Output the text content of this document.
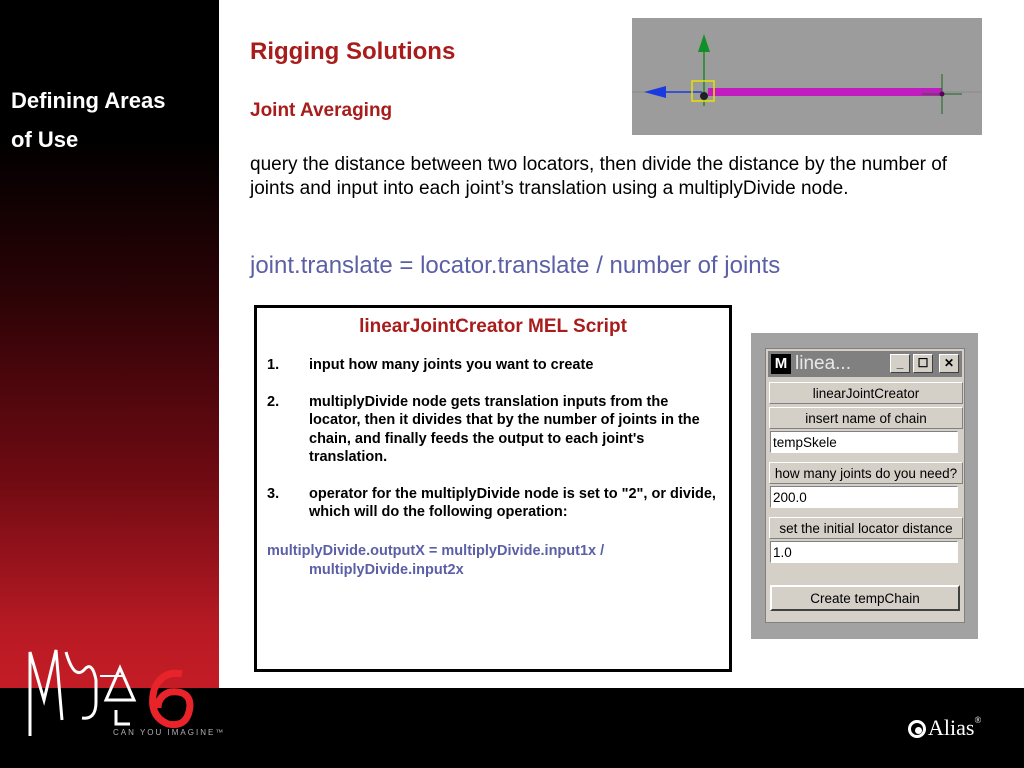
Defining Areas
of Use
CAN YOU IMAGINE™	Alias®
Rigging Solutions
Joint Averaging

query the distance between two locators, then divide the distance by the number of joints and input into each joint’s translation using a multiplyDivide node.

joint.translate = locator.translate / number of joints
linearJointCreator MEL Script
1. input how many joints you want to create
2. multiplyDivide node gets translation inputs from the locator, then it divides that by the number of joints in the chain, and finally feeds the output to each joint's translation.
3. operator for the multiplyDivide node is set to "2", or divide, which will do the following operation:
multiplyDivide.outputX = multiplyDivide.input1x /
multiplyDivide.input2x
M linea...	_	☐	✕
linearJointCreator
insert name of chain
tempSkele
how many joints do you need?
200.0
set the initial locator distance
1.0
Create tempChain
